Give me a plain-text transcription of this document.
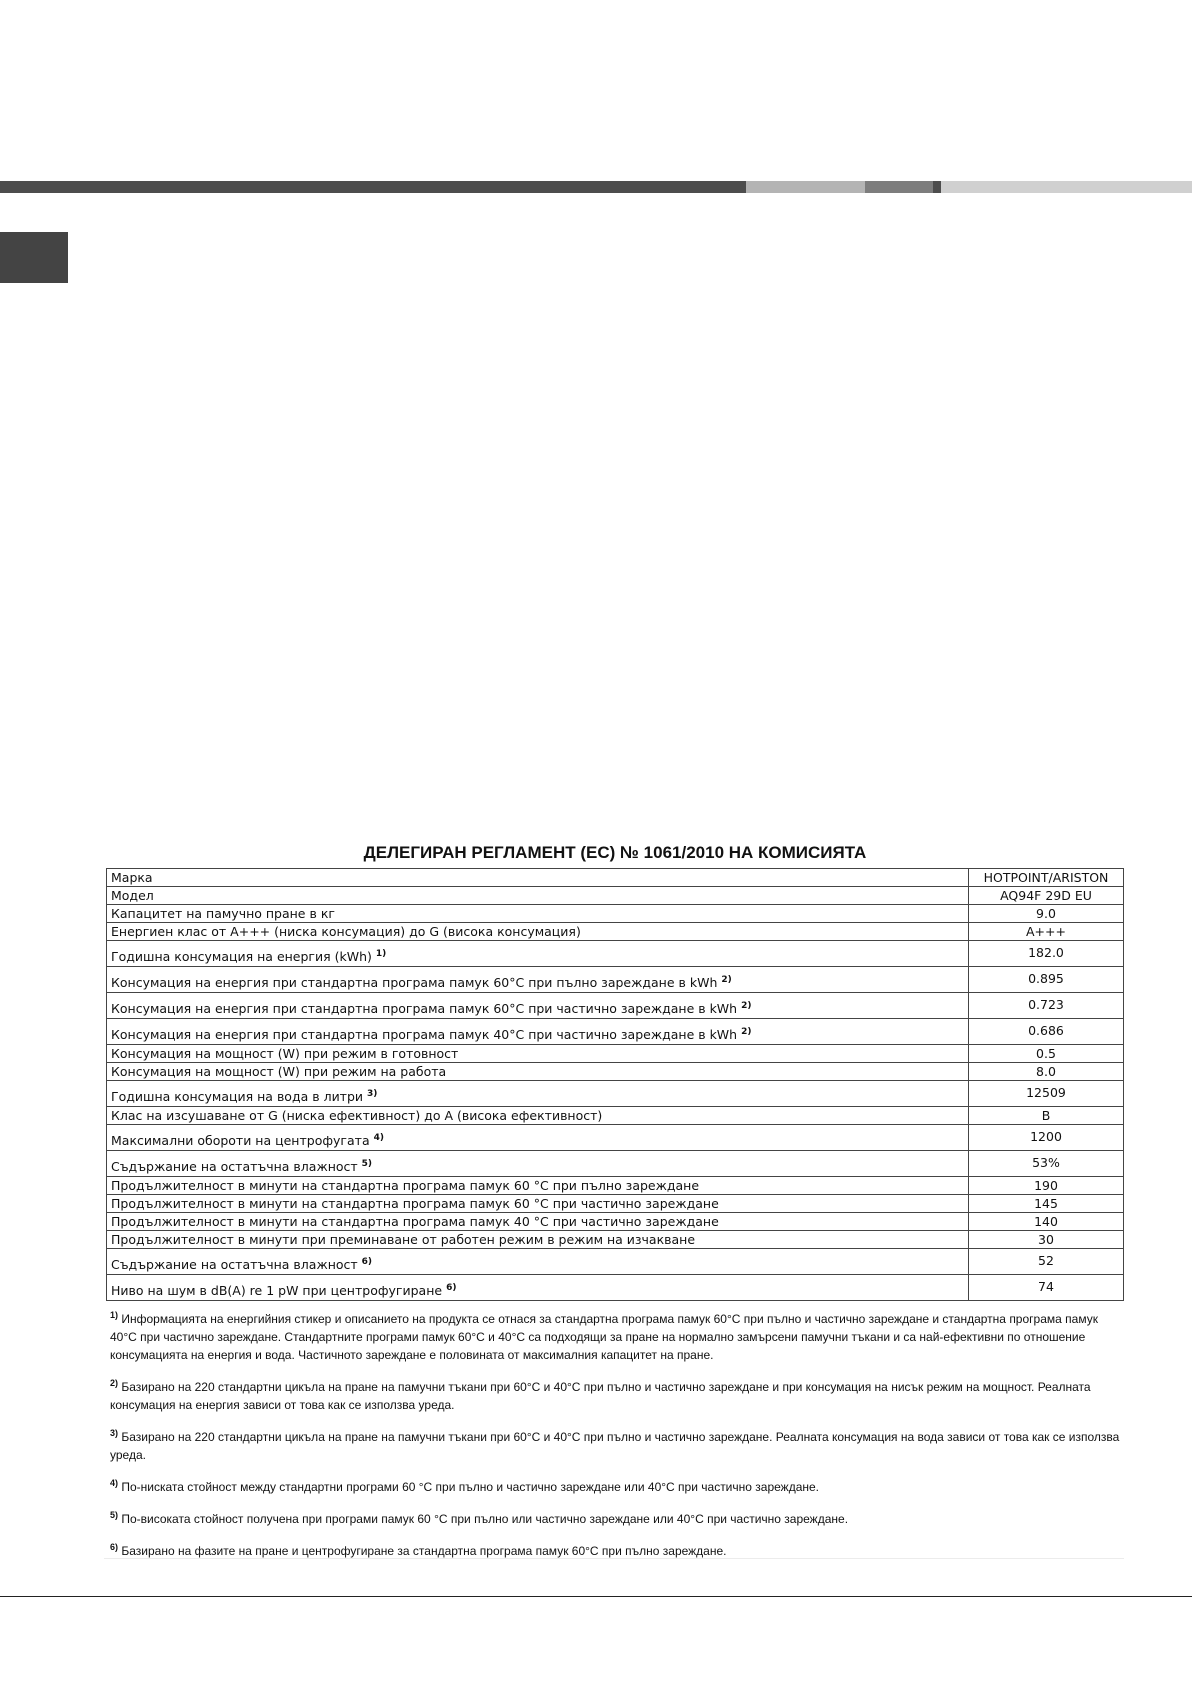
ДЕЛЕГИРАН РЕГЛАМЕНТ (ЕС) № 1061/2010 НА КОМИСИЯТА
Марка	HOTPOINT/ARISTON
Модел	AQ94F 29D EU
Капацитет на памучно пране в кг	9.0
Енергиен клас от A+++ (ниска консумация) до G (висока консумация)	A+++
Годишна консумация на енергия (kWh) $^{1)}$	182.0
Консумация на енергия при стандартна програма памук 60°C при пълно зареждане в kWh $^{2)}$	0.895
Консумация на енергия при стандартна програма памук 60°C при частично зареждане в kWh $^{2)}$	0.723
Консумация на енергия при стандартна програма памук 40°C при частично зареждане в kWh $^{2)}$	0.686
Консумация на мощност (W) при режим в готовност	0.5
Консумация на мощност (W) при режим на работа	8.0
Годишна консумация на вода в литри $^{3)}$	12509
Клас на изсушаване от G (ниска ефективност) до A (висока ефективност)	B
Максимални обороти на центрофугата $^{4)}$	1200
Съдържание на остатъчна влажност $^{5)}$	53%
Продължителност в минути на стандартна програма памук 60 °C при пълно зареждане	190
Продължителност в минути на стандартна програма памук 60 °C при частично зареждане	145
Продължителност в минути на стандартна програма памук 40 °C при частично зареждане	140
Продължителност в минути при преминаване от работен режим в режим на изчакване	30
Съдържание на остатъчна влажност $^{6)}$	52
Ниво на шум в dB(A) re 1 pW при центрофугиране $^{6)}$	74
$^{1)}$ Информацията на енергийния стикер и описанието на продукта се отнася за стандартна програма памук 60°C при пълно и частично зареждане и стандартна програма памук 40°C при частично зареждане. Стандартните програми памук 60°C и 40°C са подходящи за пране на нормално замърсени памучни тъкани и са най-ефективни по отношение консумацията на енергия и вода. Частичното зареждане е половината от максималния капацитет на пране.
$^{2)}$ Базирано на 220 стандартни цикъла на пране на памучни тъкани при 60°C и 40°C при пълно и частично зареждане и при консумация на нисък режим на мощност. Реалната консумация на енергия зависи от това как се използва уреда.
$^{3)}$ Базирано на 220 стандартни цикъла на пране на памучни тъкани при 60°C и 40°C при пълно и частично зареждане. Реалната консумация на вода зависи от това как се използва уреда.
$^{4)}$ По-ниската стойност между стандартни програми 60 °C при пълно и частично зареждане или 40°C при частично зареждане.
$^{5)}$ По-високата стойност получена при програми памук 60 °C при пълно или частично зареждане или 40°C при частично зареждане.
$^{6)}$ Базирано на фазите на пране и центрофугиране за стандартна програма памук 60°C при пълно зареждане.
